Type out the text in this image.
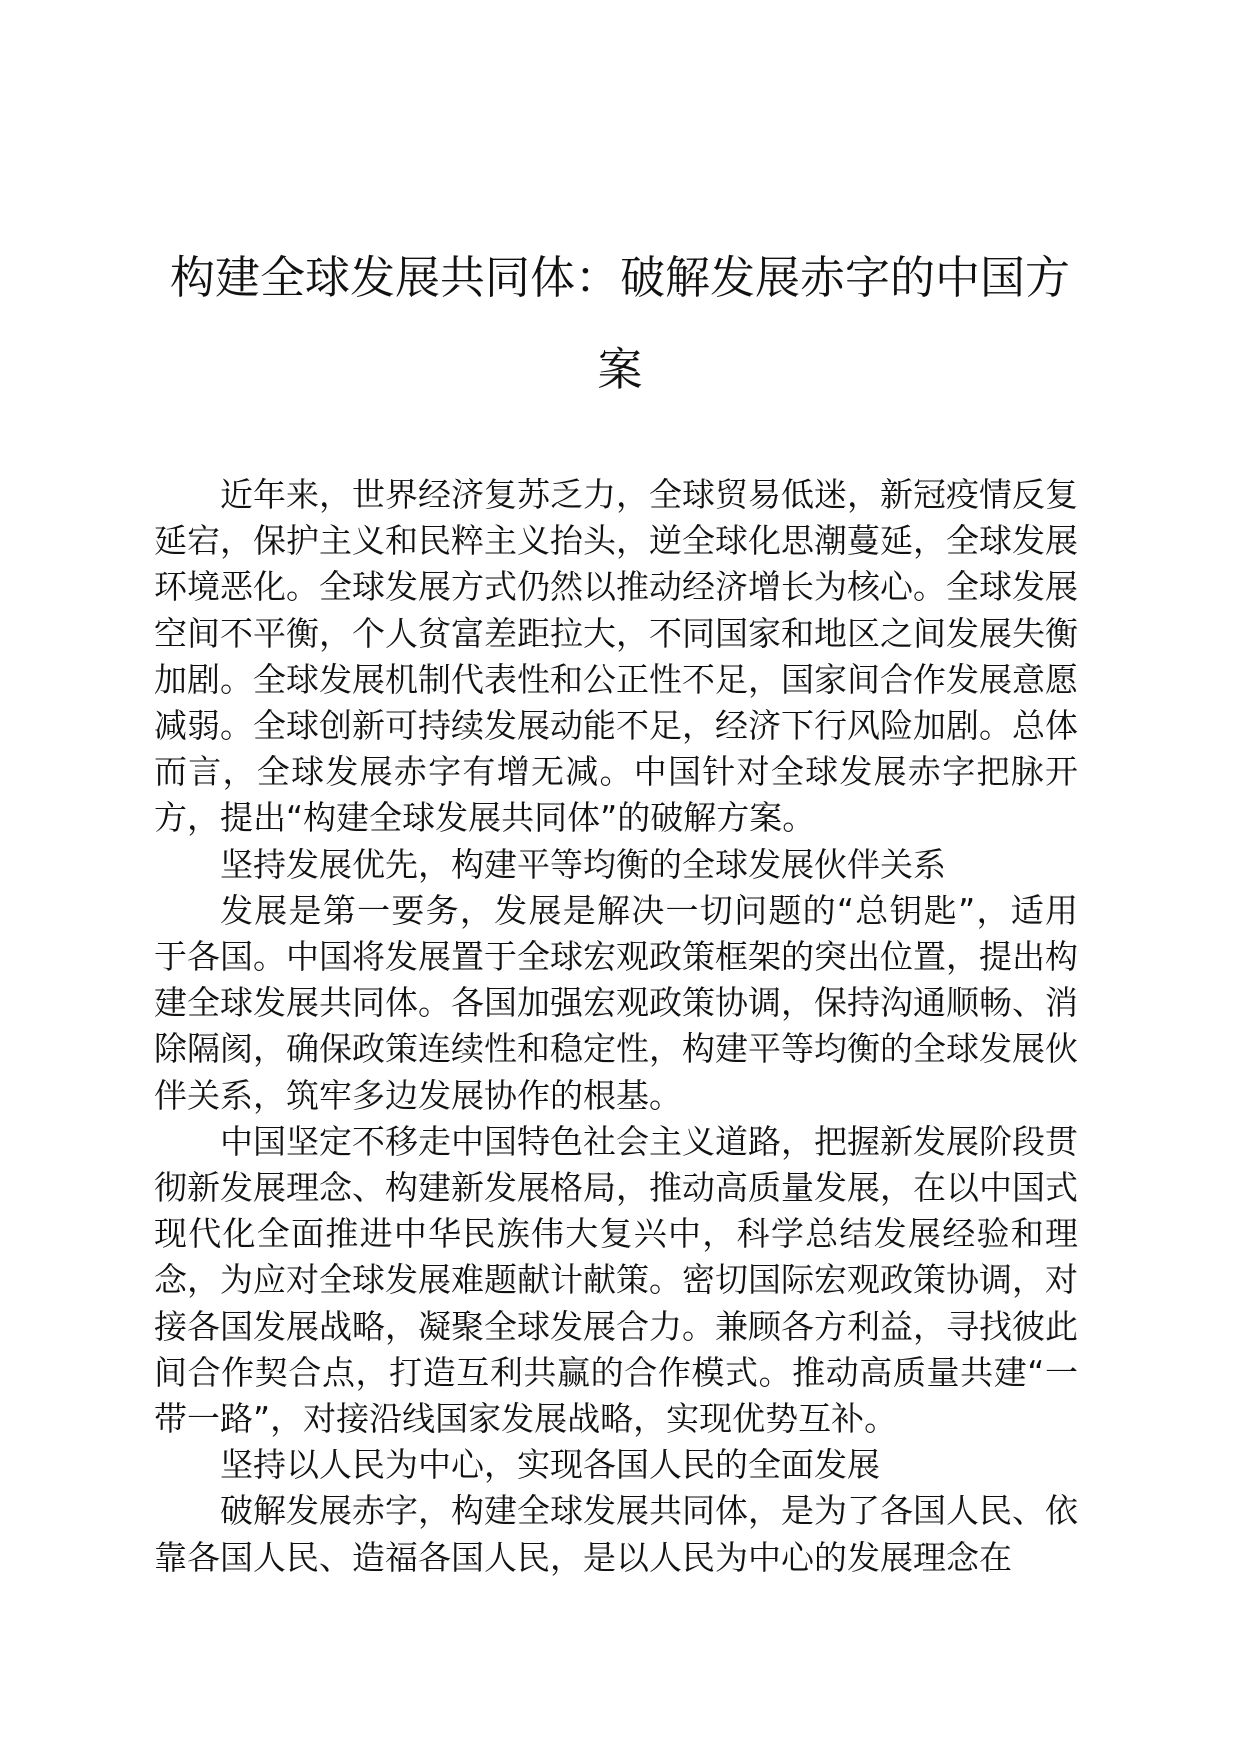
构建全球发展共同体：破解发展赤字的中国方案

近年来，世界经济复苏乏力，全球贸易低迷，新冠疫情反复延宕，保护主义和民粹主义抬头，逆全球化思潮蔓延，全球发展环境恶化。全球发展方式仍然以推动经济增长为核心。全球发展空间不平衡，个人贫富差距拉大，不同国家和地区之间发展失衡加剧。全球发展机制代表性和公正性不足，国家间合作发展意愿减弱。全球创新可持续发展动能不足，经济下行风险加剧。总体而言，全球发展赤字有增无减。中国针对全球发展赤字把脉开方，提出“构建全球发展共同体”的破解方案。

坚持发展优先，构建平等均衡的全球发展伙伴关系

发展是第一要务，发展是解决一切问题的“总钥匙”，适用于各国。中国将发展置于全球宏观政策框架的突出位置，提出构建全球发展共同体。各国加强宏观政策协调，保持沟通顺畅、消除隔阂，确保政策连续性和稳定性，构建平等均衡的全球发展伙伴关系，筑牢多边发展协作的根基。

中国坚定不移走中国特色社会主义道路，把握新发展阶段贯彻新发展理念、构建新发展格局，推动高质量发展，在以中国式现代化全面推进中华民族伟大复兴中，科学总结发展经验和理念，为应对全球发展难题献计献策。密切国际宏观政策协调，对接各国发展战略，凝聚全球发展合力。兼顾各方利益，寻找彼此间合作契合点，打造互利共赢的合作模式。推动高质量共建“一带一路”，对接沿线国家发展战略，实现优势互补。

坚持以人民为中心，实现各国人民的全面发展

破解发展赤字，构建全球发展共同体，是为了各国人民、依靠各国人民、造福各国人民，是以人民为中心的发展理念在
